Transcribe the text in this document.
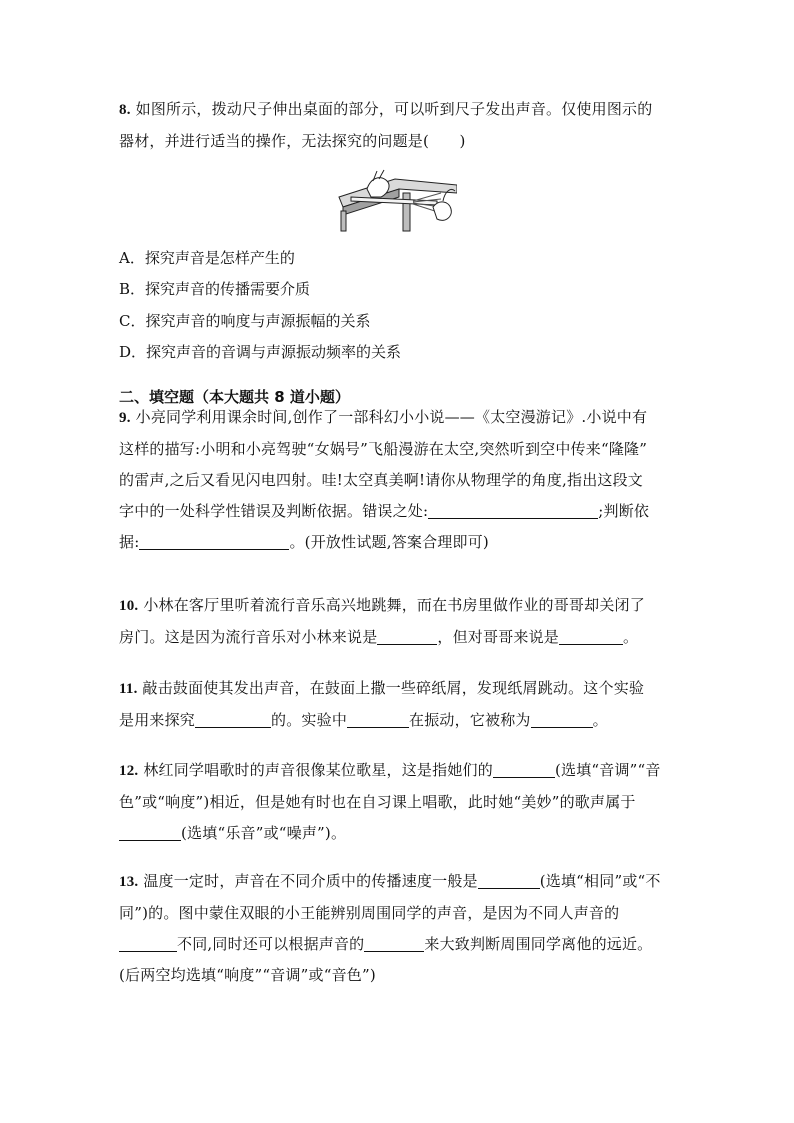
8. 如图所示，拨动尺子伸出桌面的部分，可以听到尺子发出声音。仅使用图示的
器材，并进行适当的操作，无法探究的问题是(　　)
A．探究声音是怎样产生的
B．探究声音的传播需要介质
C．探究声音的响度与声源振幅的关系
D．探究声音的音调与声源振动频率的关系
二、填空题（本大题共 8 道小题）
9. 小亮同学利用课余时间,创作了一部科幻小小说——《太空漫游记》.小说中有
这样的描写:小明和小亮驾驶“女娲号”飞船漫游在太空,突然听到空中传来“隆隆”
的雷声,之后又看见闪电四射。哇!太空真美啊!请你从物理学的角度,指出这段文
字中的一处科学性错误及判断依据。错误之处:	;判断依
据:	。(开放性试题,答案合理即可)
10. 小林在客厅里听着流行音乐高兴地跳舞，而在书房里做作业的哥哥却关闭了
房门。这是因为流行音乐对小林来说是	，但对哥哥来说是	。
11. 敲击鼓面使其发出声音，在鼓面上撒一些碎纸屑，发现纸屑跳动。这个实验
是用来探究	的。实验中	在振动，它被称为	。
12. 林红同学唱歌时的声音很像某位歌星，这是指她们的	(选填“音调”“音
色”或“响度”)相近，但是她有时也在自习课上唱歌，此时她“美妙”的歌声属于
(选填“乐音”或“噪声”)。
13. 温度一定时，声音在不同介质中的传播速度一般是	(选填“相同”或“不
同”)的。图中蒙住双眼的小王能辨别周围同学的声音，是因为不同人声音的
不同,同时还可以根据声音的	来大致判断周围同学离他的远近。
(后两空均选填“响度”“音调”或“音色”)
